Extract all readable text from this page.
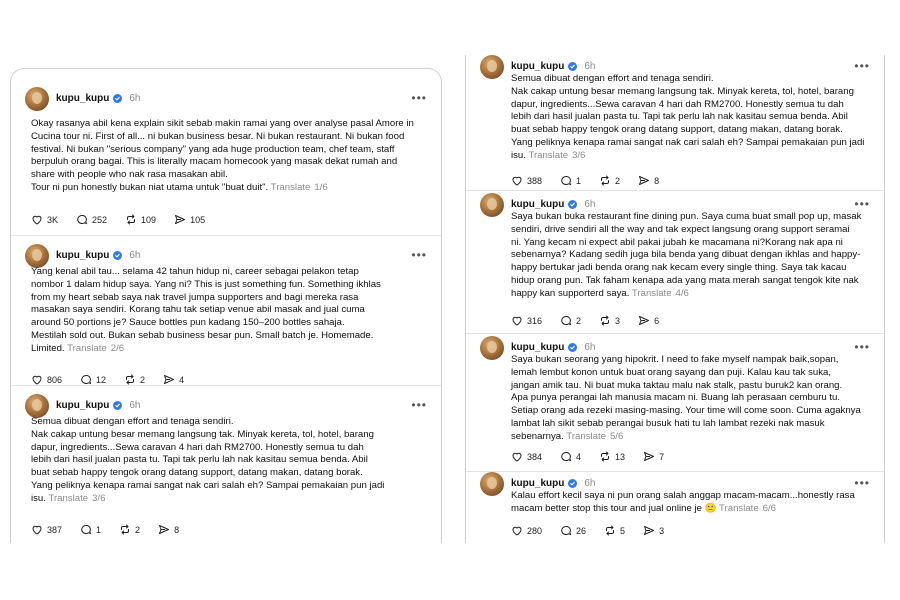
kupu_kupu 6h	•••

Okay rasanya abil kena explain sikit sebab makin ramai yang over analyse pasal Amore in

Cucina tour ni. First of all... ni bukan business besar. Ni bukan restaurant. Ni bukan food

festival. Ni bukan "serious company" yang ada huge production team, chef team, staff

berpuluh orang bagai. This is literally macam homecook yang masak dekat rumah and

share with people who nak rasa masakan abil.

Tour ni pun honestly bukan niat utama untuk "buat duit". Translate 1/6

3K	252	109	105
kupu_kupu 6h	•••

Yang kenal abil tau... selama 42 tahun hidup ni, career sebagai pelakon tetap

nombor 1 dalam hidup saya. Yang ni? This is just something fun. Something ikhlas

from my heart sebab saya nak travel jumpa supporters and bagi mereka rasa

masakan saya sendiri. Korang tahu tak setiap venue abil masak and jual cuma

around 50 portions je? Sauce bottles pun kadang 150–200 bottles sahaja.

Mestilah sold out. Bukan sebab business besar pun. Small batch je. Homemade.

Limited. Translate 2/6

806	12	2	4
kupu_kupu 6h	•••

Semua dibuat dengan effort and tenaga sendiri.

Nak cakap untung besar memang langsung tak. Minyak kereta, tol, hotel, barang

dapur, ingredients...Sewa caravan 4 hari dah RM2700. Honestly semua tu dah

lebih dari hasil jualan pasta tu. Tapi tak perlu lah nak kasitau semua benda. Abil

buat sebab happy tengok orang datang support, datang makan, datang borak.

Yang peliknya kenapa ramai sangat nak cari salah eh? Sampai pemakaian pun jadi

isu. Translate 3/6

387	1	2	8
kupu_kupu 6h	•••

Semua dibuat dengan effort and tenaga sendiri.

Nak cakap untung besar memang langsung tak. Minyak kereta, tol, hotel, barang

dapur, ingredients...Sewa caravan 4 hari dah RM2700. Honestly semua tu dah

lebih dari hasil jualan pasta tu. Tapi tak perlu lah nak kasitau semua benda. Abil

buat sebab happy tengok orang datang support, datang makan, datang borak.

Yang peliknya kenapa ramai sangat nak cari salah eh? Sampai pemakaian pun jadi

isu. Translate 3/6

388	1	2	8
kupu_kupu 6h	•••

Saya bukan buka restaurant fine dining pun. Saya cuma buat small pop up, masak

sendiri, drive sendiri all the way and tak expect langsung orang support seramai

ni. Yang kecam ni expect abil pakai jubah ke macamana ni?Korang nak apa ni

sebenarnya? Kadang sedih juga bila benda yang dibuat dengan ikhlas and happy-

happy bertukar jadi benda orang nak kecam every single thing. Saya tak kacau

hidup orang pun. Tak faham kenapa ada yang mata merah sangat tengok kite nak

happy kan supporterd saya. Translate 4/6

316	2	3	6
kupu_kupu 6h	•••

Saya bukan seorang yang hipokrit. I need to fake myself nampak baik,sopan,

lemah lembut konon untuk buat orang sayang dan puji. Kalau kau tak suka,

jangan amik tau. Ni buat muka taktau malu nak stalk, pastu buruk2 kan orang.

Apa punya perangai lah manusia macam ni. Buang lah perasaan cemburu tu.

Setiap orang ada rezeki masing-masing. Your time will come soon. Cuma agaknya

lambat lah sikit sebab perangai busuk hati tu lah lambat rezeki nak masuk

sebenarnya. Translate 5/6

384	4	13	7
kupu_kupu 6h	•••

Kalau effort kecil saya ni pun orang salah anggap macam-macam...honestly rasa

macam better stop this tour and jual online je 🙁 Translate 6/6

280	26	5	3
